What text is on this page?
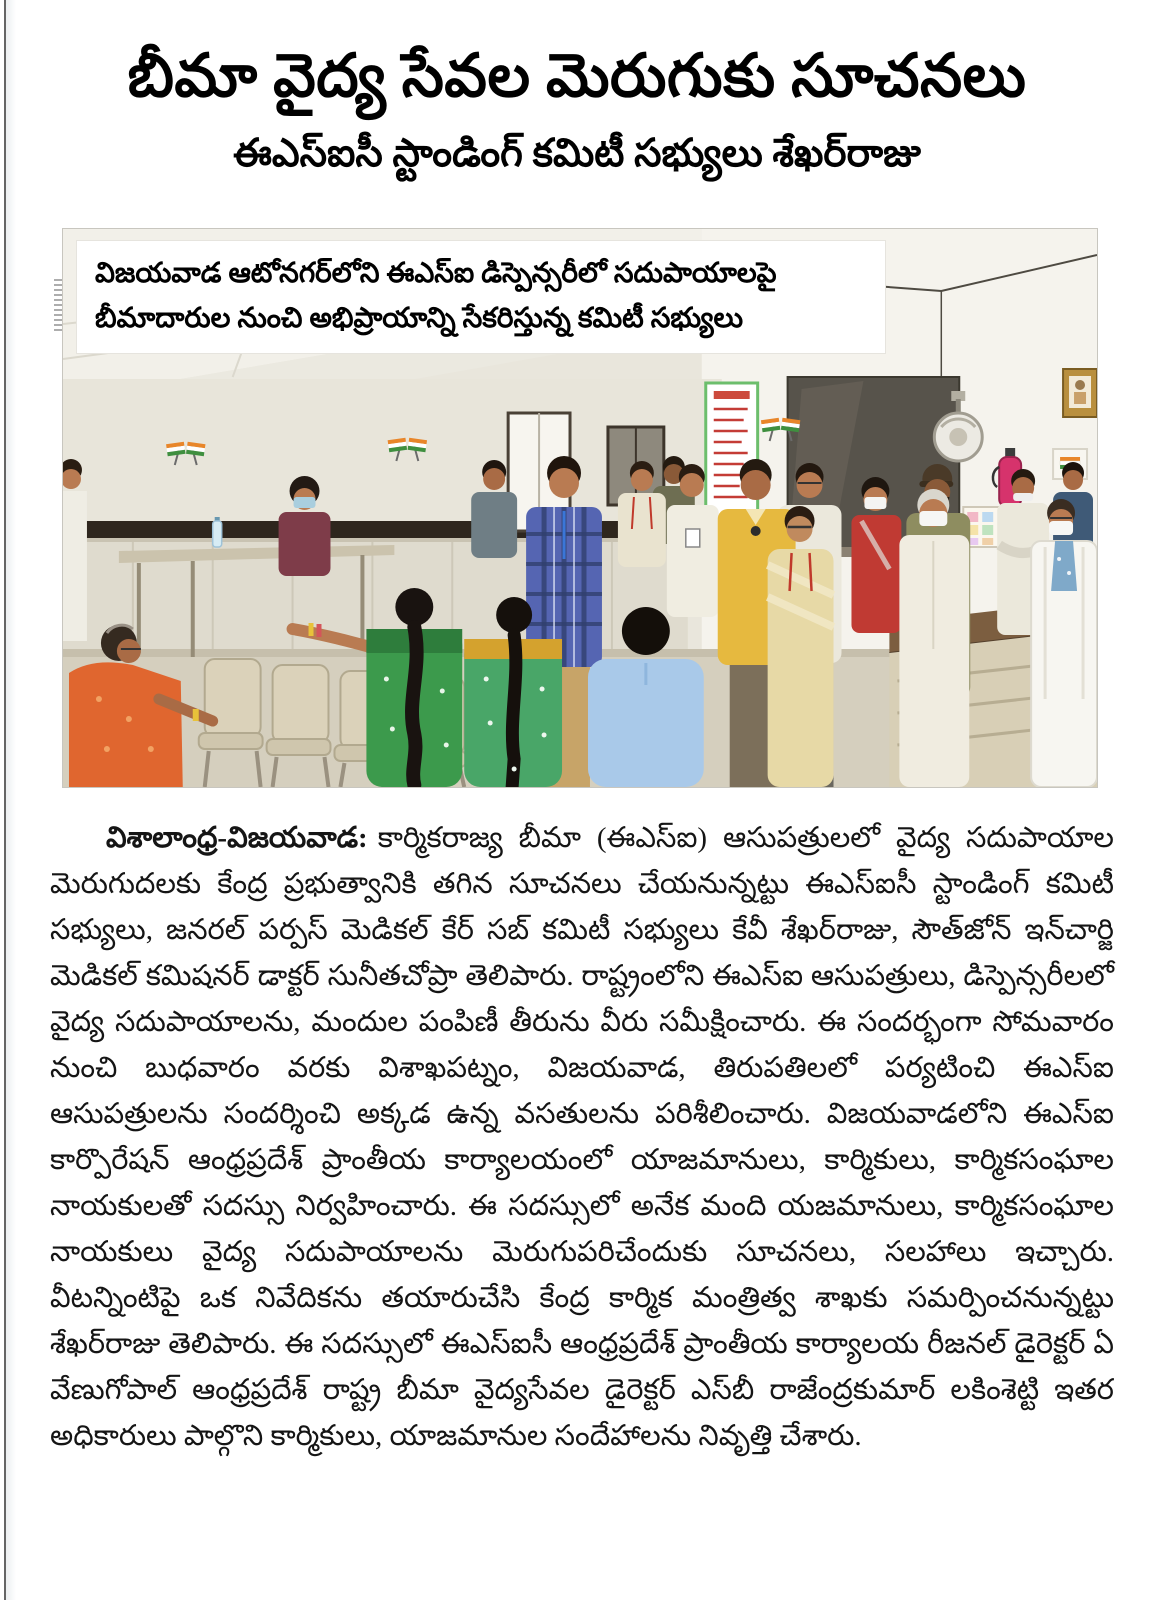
బీమా వైద్య సేవల మెరుగుకు సూచనలు
ఈఎస్ఐసీ స్టాండింగ్ కమిటీ సభ్యులు శేఖర్‌రాజు
విజయవాడ ఆటోనగర్‌లోని ఈఎస్ఐ డిస్పెన్సరీలో సదుపాయాలపై బీమాదారుల నుంచి అభిప్రాయాన్ని సేకరిస్తున్న కమిటీ సభ్యులు

విశాలాంధ్ర-విజయవాడ: కార్మికరాజ్య బీమా (ఈఎస్ఐ) ఆసుపత్రులలో వైద్య సదుపాయాల మెరుగుదలకు కేంద్ర ప్రభుత్వానికి తగిన సూచనలు చేయనున్నట్టు ఈఎస్ఐసీ స్టాండింగ్ కమిటీ సభ్యులు, జనరల్ పర్పస్ మెడికల్ కేర్ సబ్ కమిటీ సభ్యులు కేవీ శేఖర్‌రాజు, సౌత్‌జోన్ ఇన్‌చార్జి మెడికల్ కమిషనర్ డాక్టర్ సునీతచోప్రా తెలిపారు. రాష్ట్రంలోని ఈఎస్ఐ ఆసుపత్రులు, డిస్పెన్సరీలలో వైద్య సదుపాయాలను, మందుల పంపిణీ తీరును వీరు సమీక్షించారు. ఈ సందర్భంగా సోమవారం నుంచి బుధవారం వరకు విశాఖపట్నం, విజయవాడ, తిరుపతిలలో పర్యటించి ఈఎస్ఐ ఆసుపత్రులను సందర్శించి అక్కడ ఉన్న వసతులను పరిశీలించారు. విజయవాడలోని ఈఎస్ఐ కార్పొరేషన్ ఆంధ్రప్రదేశ్ ప్రాంతీయ కార్యాలయంలో యాజమానులు, కార్మికులు, కార్మికసంఘాల నాయకులతో సదస్సు నిర్వహించారు. ఈ సదస్సులో అనేక మంది యజమానులు, కార్మికసంఘాల నాయకులు వైద్య సదుపాయాలను మెరుగుపరిచేందుకు సూచనలు, సలహాలు ఇచ్చారు. వీటన్నింటిపై ఒక నివేదికను తయారుచేసి కేంద్ర కార్మిక మంత్రిత్వ శాఖకు సమర్పించనున్నట్టు శేఖర్‌రాజు తెలిపారు. ఈ సదస్సులో ఈఎస్ఐసీ ఆంధ్రప్రదేశ్ ప్రాంతీయ కార్యాలయ రీజనల్ డైరెక్టర్ ఏ వేణుగోపాల్ ఆంధ్రప్రదేశ్ రాష్ట్ర బీమా వైద్యసేవల డైరెక్టర్ ఎస్‌బీ రాజేంద్రకుమార్ లకింశెట్టి ఇతర అధికారులు పాల్గొని కార్మికులు, యాజమానుల సందేహాలను నివృత్తి చేశారు.
